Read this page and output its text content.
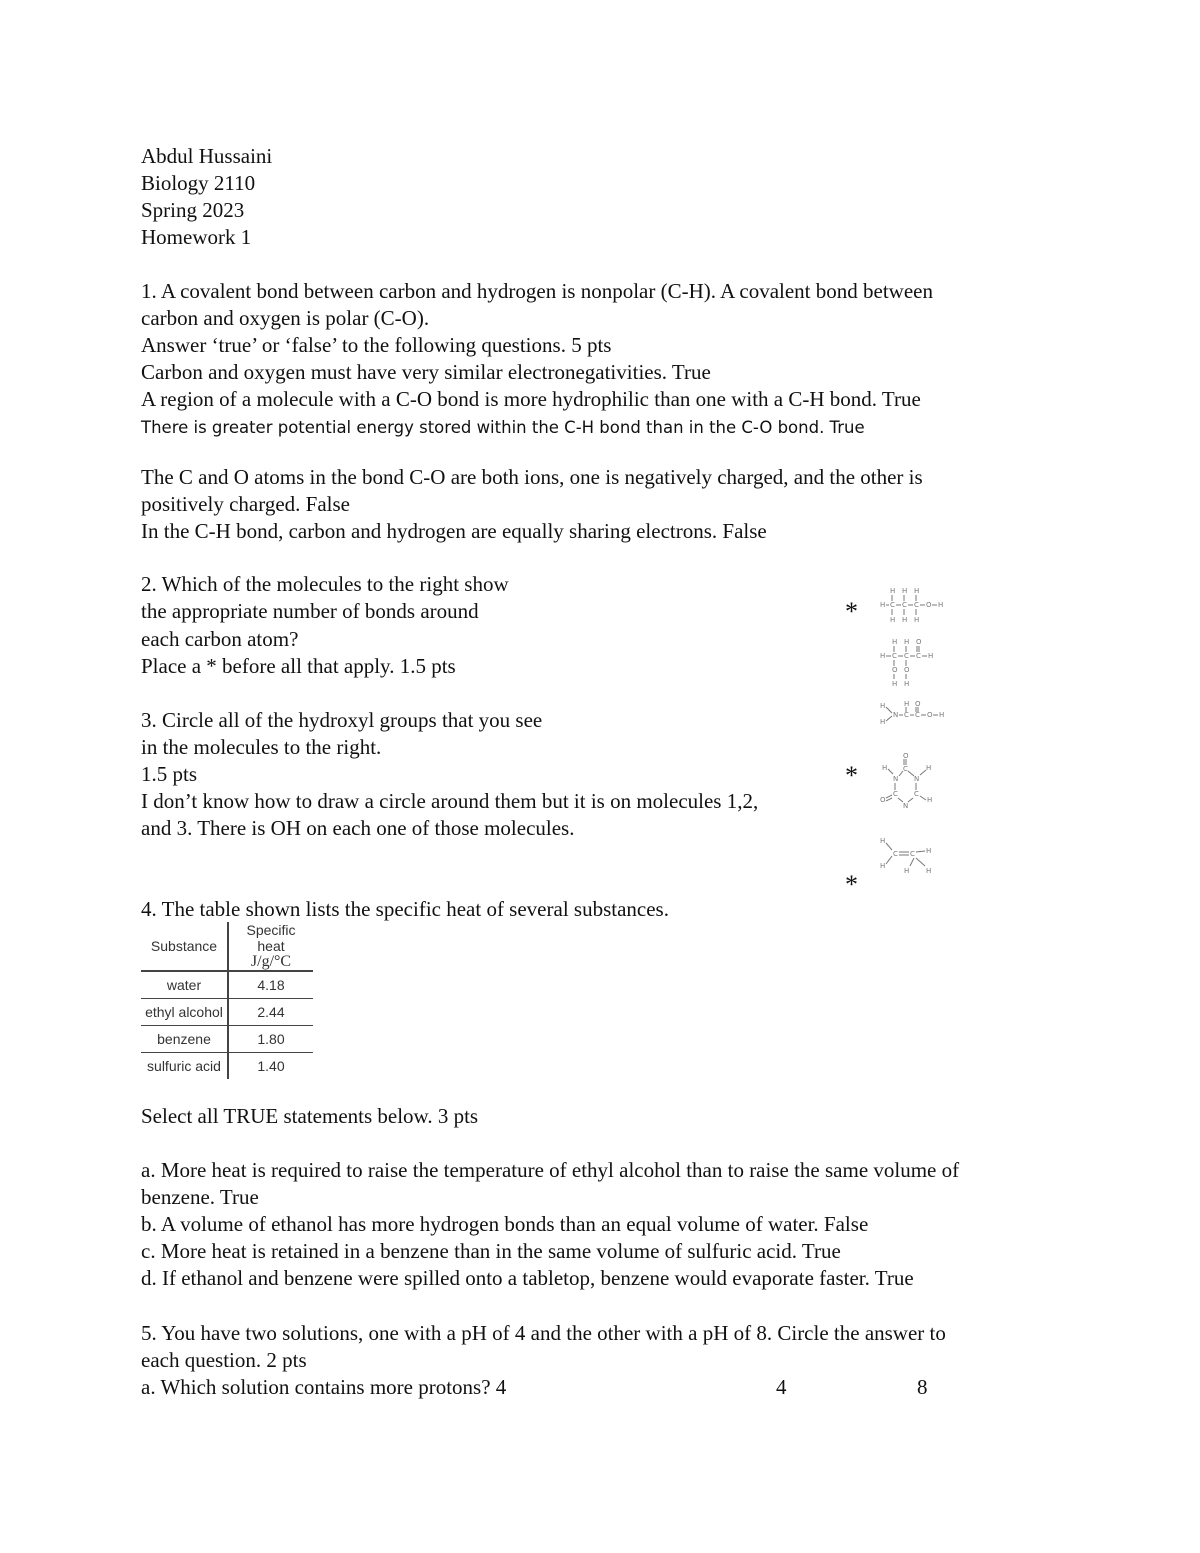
Abdul Hussaini
Biology 2110
Spring 2023
Homework 1
1. A covalent bond between carbon and hydrogen is nonpolar (C-H). A covalent bond between
carbon and oxygen is polar (C-O).
Answer ‘true’ or ‘false’ to the following questions. 5 pts
Carbon and oxygen must have very similar electronegativities. True
A region of a molecule with a C-O bond is more hydrophilic than one with a C-H bond. True
There is greater potential energy stored within the C-H bond than in the C-O bond. True
The C and O atoms in the bond C-O are both ions, one is negatively charged, and the other is
positively charged. False
In the C-H bond, carbon and hydrogen are equally sharing electrons. False
2. Which of the molecules to the right show
the appropriate number of bonds around
each carbon atom?
Place a * before all that apply. 1.5 pts
3. Circle all of the hydroxyl groups that you see
in the molecules to the right.
1.5 pts
I don’t know how to draw a circle around them but it is on molecules 1,2,
and 3. There is OH on each one of those molecules.
*
*
*
H H H
H C C C O H
H H H
H H O
H C C C H
O O
H H
H
H
N
H
C
O
C O H
O
C
H
N N
H
C C
O
N
H
H
H
C C H
H H
4. The table shown lists the specific heat of several substances.
Substance	Specific heat
J/g/°C

water	4.18
ethyl alcohol	2.44
benzene	1.80
sulfuric acid	1.40
Select all TRUE statements below. 3 pts
a. More heat is required to raise the temperature of ethyl alcohol than to raise the same volume of
benzene. True
b. A volume of ethanol has more hydrogen bonds than an equal volume of water. False
c. More heat is retained in a benzene than in the same volume of sulfuric acid. True
d. If ethanol and benzene were spilled onto a tabletop, benzene would evaporate faster. True
5. You have two solutions, one with a pH of 4 and the other with a pH of 8. Circle the answer to
each question. 2 pts
a. Which solution contains more protons? 4	4	8
